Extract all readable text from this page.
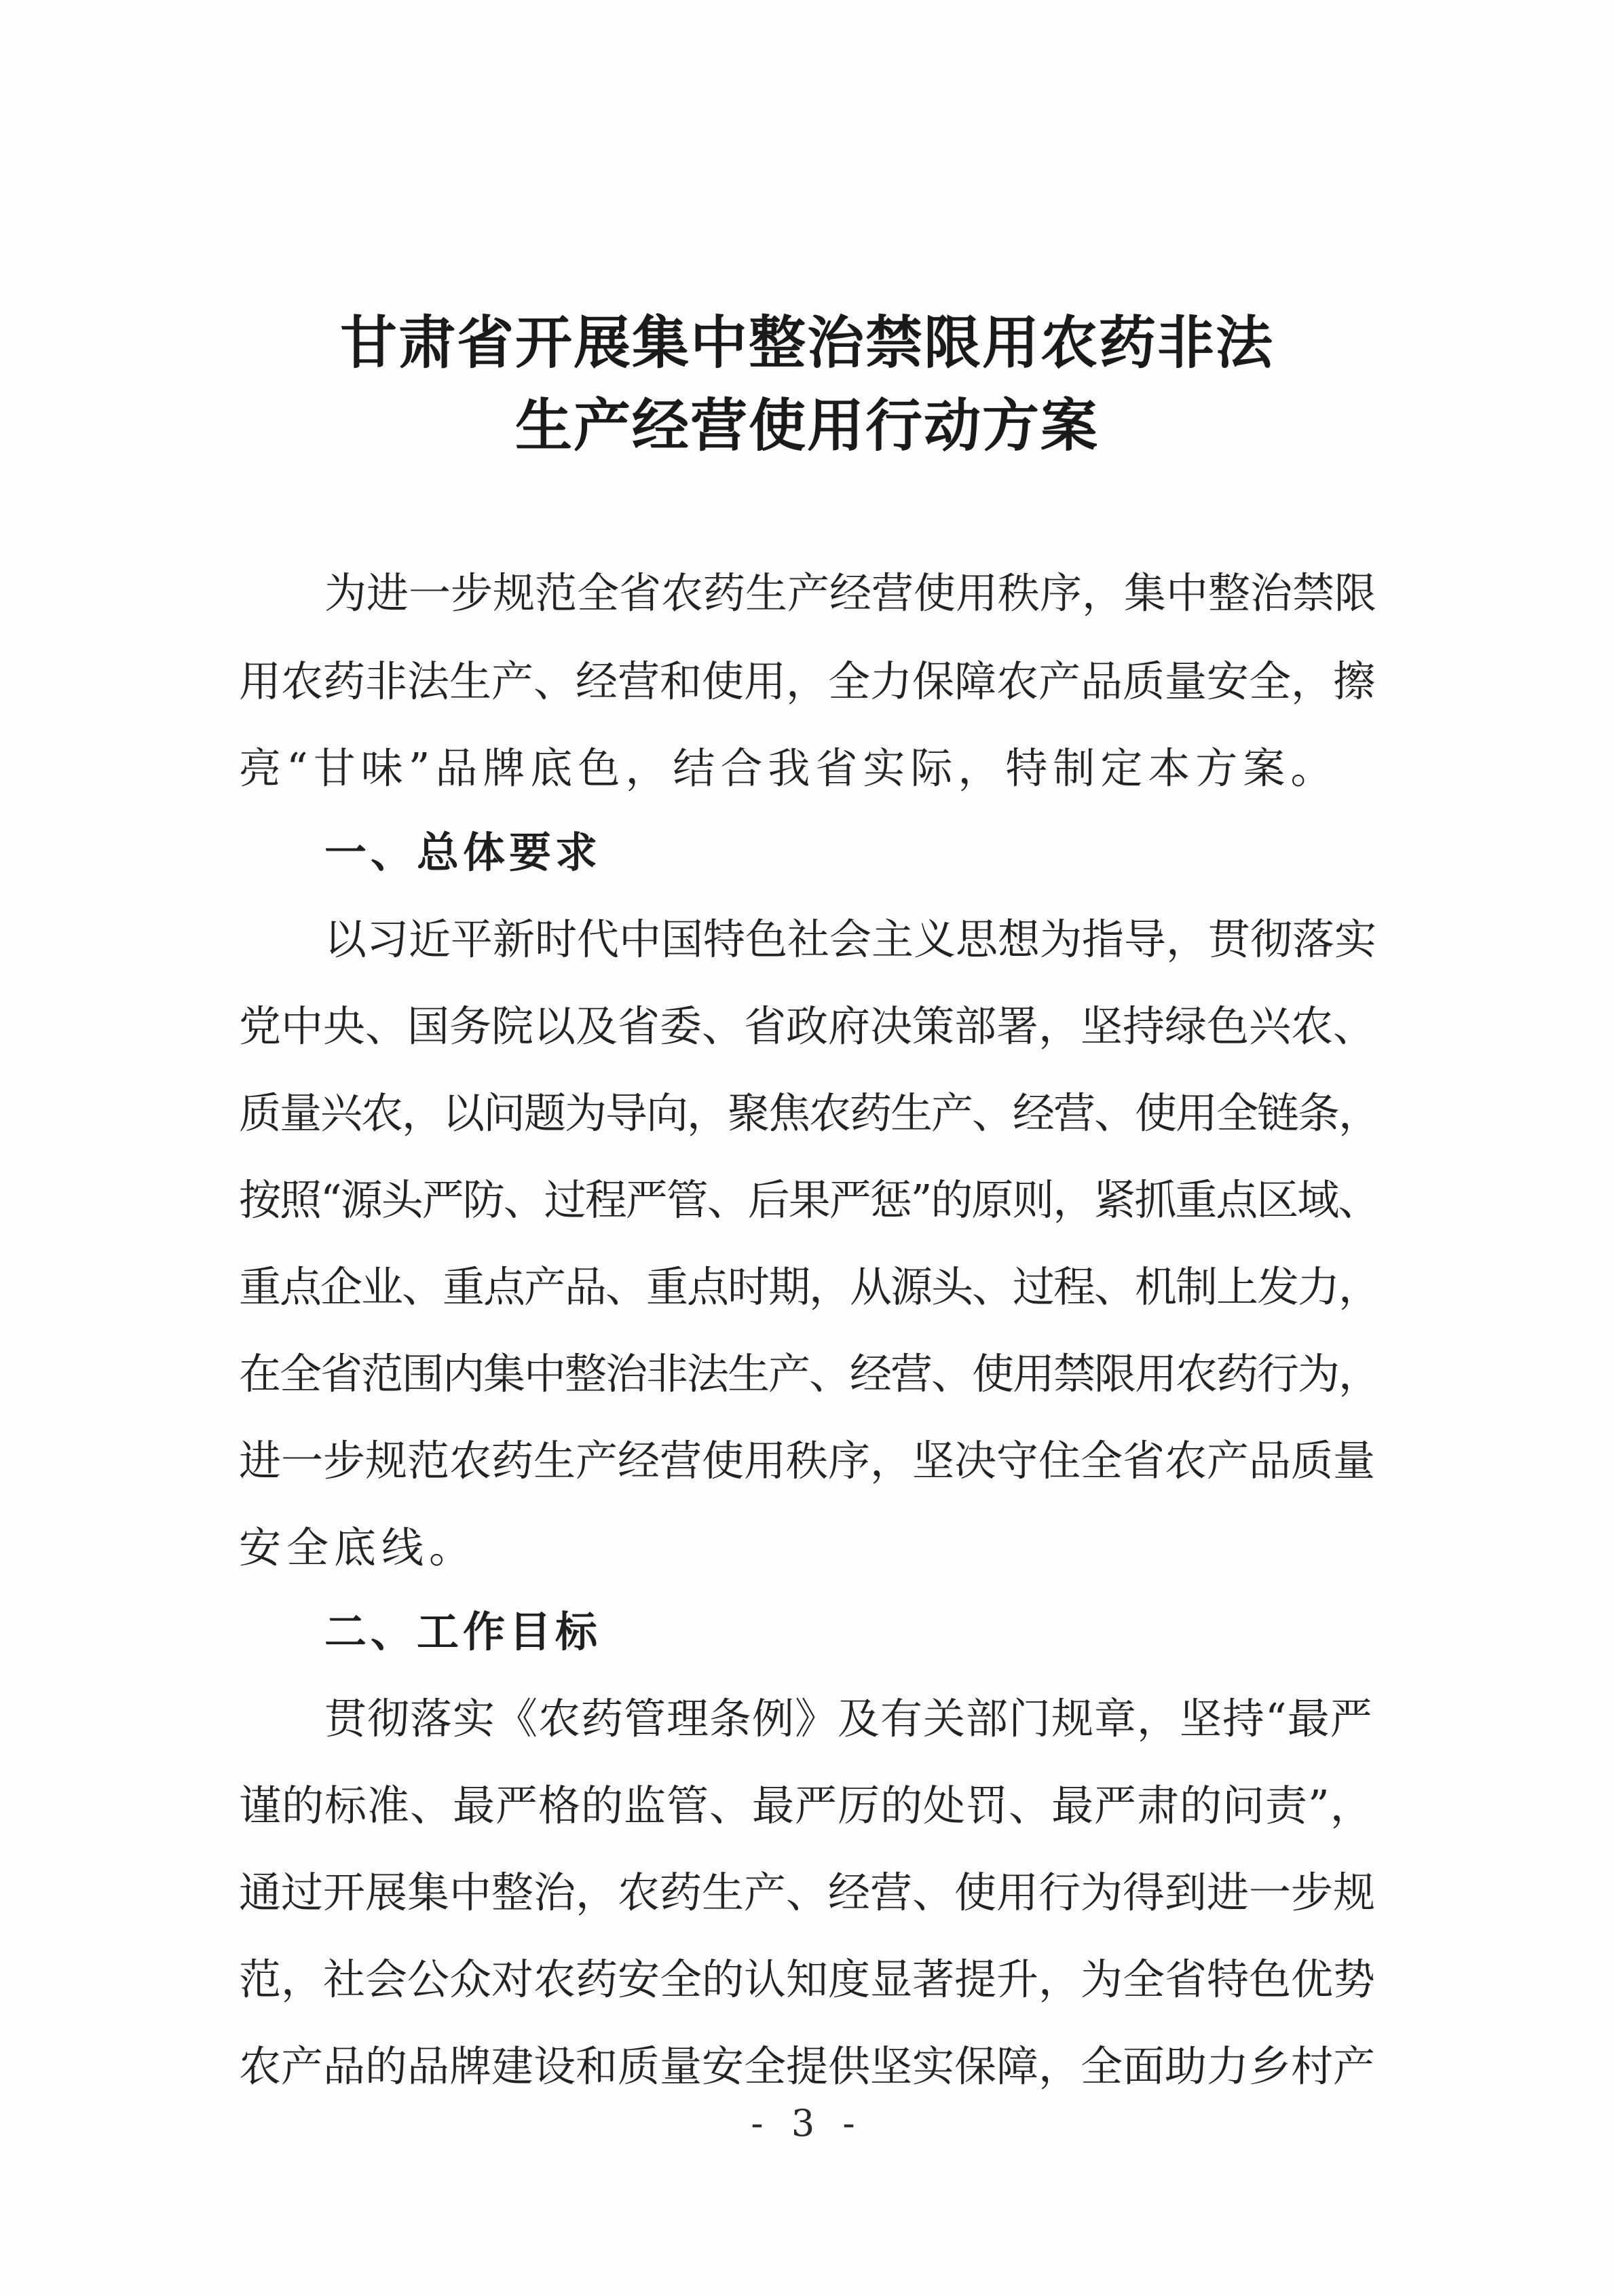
甘肃省开展集中整治禁限用农药非法
生产经营使用行动方案
为进一步规范全省农药生产经营使用秩序，集中整治禁限
用农药非法生产、经营和使用，全力保障农产品质量安全，擦
亮“甘味”品牌底色，结合我省实际，特制定本方案。
一、总体要求
以习近平新时代中国特色社会主义思想为指导，贯彻落实
党中央、国务院以及省委、省政府决策部署，坚持绿色兴农、
质量兴农，以问题为导向，聚焦农药生产、经营、使用全链条，
按照“源头严防、过程严管、后果严惩”的原则，紧抓重点区域、
重点企业、重点产品、重点时期，从源头、过程、机制上发力，
在全省范围内集中整治非法生产、经营、使用禁限用农药行为，
进一步规范农药生产经营使用秩序，坚决守住全省农产品质量
安全底线。
二、工作目标
贯彻落实《农药管理条例》及有关部门规章，坚持“最严
谨的标准、最严格的监管、最严厉的处罚、最严肃的问责”，
通过开展集中整治，农药生产、经营、使用行为得到进一步规
范，社会公众对农药安全的认知度显著提升，为全省特色优势
农产品的品牌建设和质量安全提供坚实保障，全面助力乡村产
- 3 -
